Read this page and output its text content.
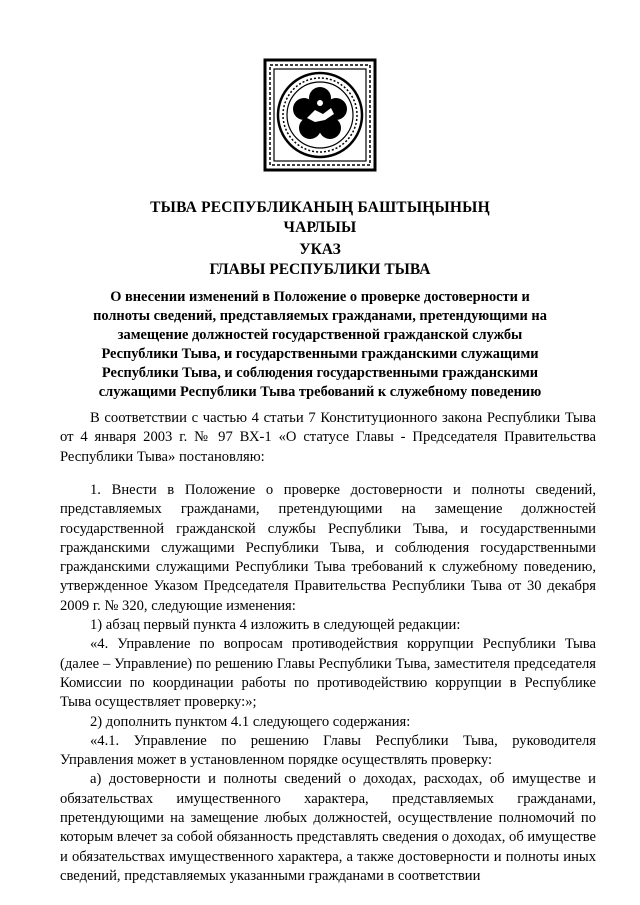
ТЫВА РЕСПУБЛИКАНЫҢ БАШТЫҢЫНЫҢ
ЧАРЛЫЫ
УКАЗ
ГЛАВЫ РЕСПУБЛИКИ ТЫВА
О внесении изменений в Положение о проверке достоверности и
полноты сведений, представляемых гражданами, претендующими на
замещение должностей государственной гражданской службы
Республики Тыва, и государственными гражданскими служащими
Республики Тыва, и соблюдения государственными гражданскими
служащими Республики Тыва требований к служебному поведению

В соответствии с частью 4 статьи 7 Конституционного закона Республики Тыва от 4 января 2003 г. № 97 ВХ-1 «О статусе Главы - Председателя Правительства Республики Тыва» постановляю:

1. Внести в Положение о проверке достоверности и полноты сведений, представляемых гражданами, претендующими на замещение должностей государственной гражданской службы Республики Тыва, и государственными гражданскими служащими Республики Тыва, и соблюдения государственными гражданскими служащими Республики Тыва требований к служебному поведению, утвержденное Указом Председателя Правительства Республики Тыва от 30 декабря 2009 г. № 320, следующие изменения:

1) абзац первый пункта 4 изложить в следующей редакции:

«4. Управление по вопросам противодействия коррупции Республики Тыва (далее – Управление) по решению Главы Республики Тыва, заместителя председателя Комиссии по координации работы по противодействию коррупции в Республике Тыва осуществляет проверку:»;

2) дополнить пунктом 4.1 следующего содержания:

«4.1. Управление по решению Главы Республики Тыва, руководителя Управления может в установленном порядке осуществлять проверку:

а) достоверности и полноты сведений о доходах, расходах, об имуществе и обязательствах имущественного характера, представляемых гражданами, претендующими на замещение любых должностей, осуществление полномочий по которым влечет за собой обязанность представлять сведения о доходах, об имуществе и обязательствах имущественного характера, а также достоверности и полноты иных сведений, представляемых указанными гражданами в соответствии
